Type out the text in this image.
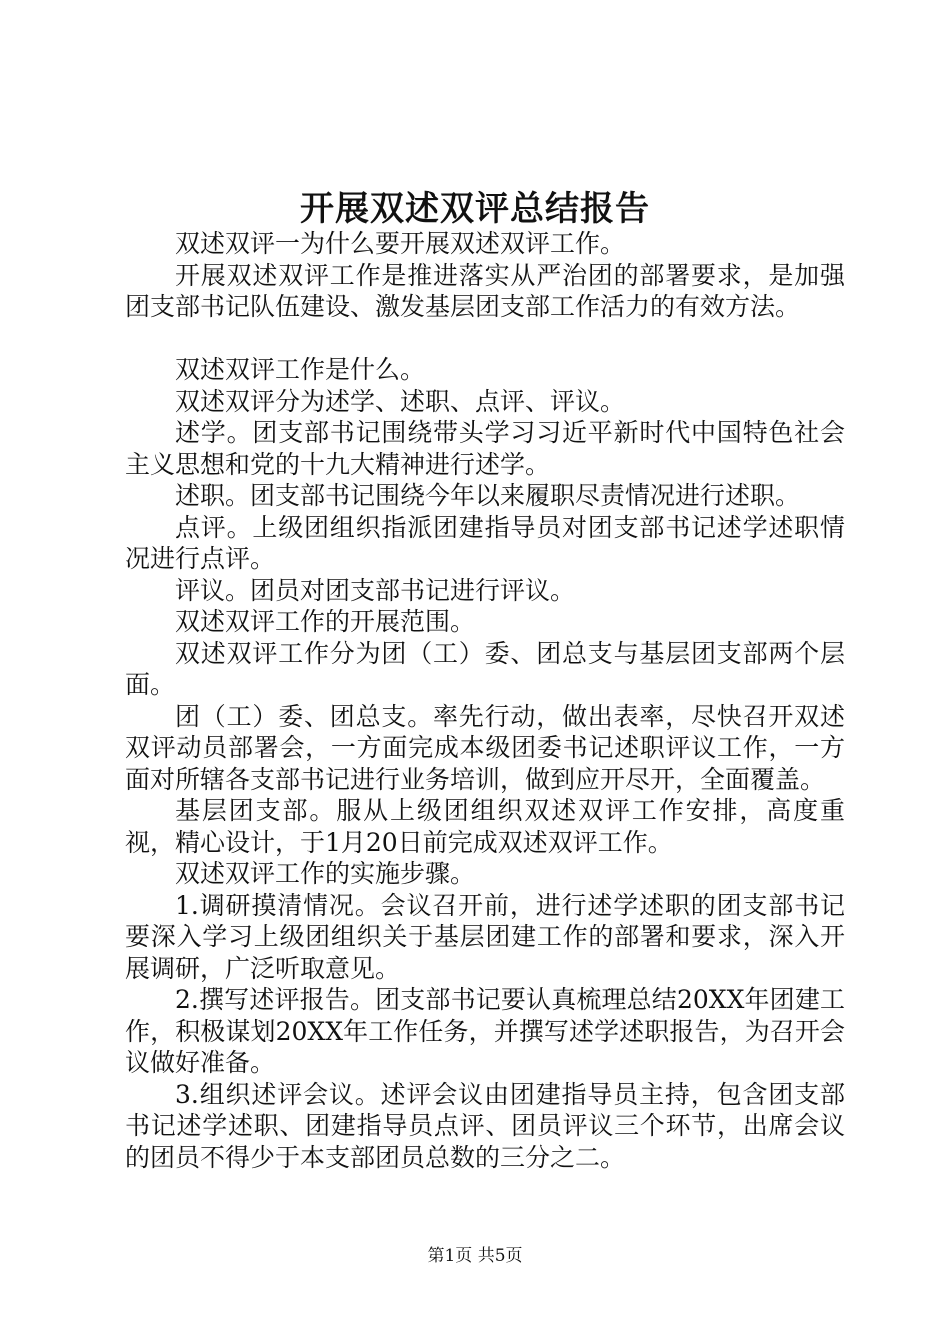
开展双述双评总结报告

双述双评一为什么要开展双述双评工作。

开展双述双评工作是推进落实从严治团的部署要求，是加强团支部书记队伍建设、激发基层团支部工作活力的有效方法。

双述双评工作是什么。

双述双评分为述学、述职、点评、评议。

述学。团支部书记围绕带头学习习近平新时代中国特色社会主义思想和党的十九大精神进行述学。

述职。团支部书记围绕今年以来履职尽责情况进行述职。

点评。上级团组织指派团建指导员对团支部书记述学述职情况进行点评。

评议。团员对团支部书记进行评议。

双述双评工作的开展范围。

双述双评工作分为团（工）委、团总支与基层团支部两个层面。

团（工）委、团总支。率先行动，做出表率，尽快召开双述双评动员部署会，一方面完成本级团委书记述职评议工作，一方面对所辖各支部书记进行业务培训，做到应开尽开，全面覆盖。

基层团支部。服从上级团组织双述双评工作安排，高度重视，精心设计，于1月20日前完成双述双评工作。

双述双评工作的实施步骤。

1.调研摸清情况。会议召开前，进行述学述职的团支部书记要深入学习上级团组织关于基层团建工作的部署和要求，深入开展调研，广泛听取意见。

2.撰写述评报告。团支部书记要认真梳理总结20XX年团建工作，积极谋划20XX年工作任务，并撰写述学述职报告，为召开会议做好准备。

3.组织述评会议。述评会议由团建指导员主持，包含团支部书记述学述职、团建指导员点评、团员评议三个环节，出席会议的团员不得少于本支部团员总数的三分之二。

第1页 共5页
